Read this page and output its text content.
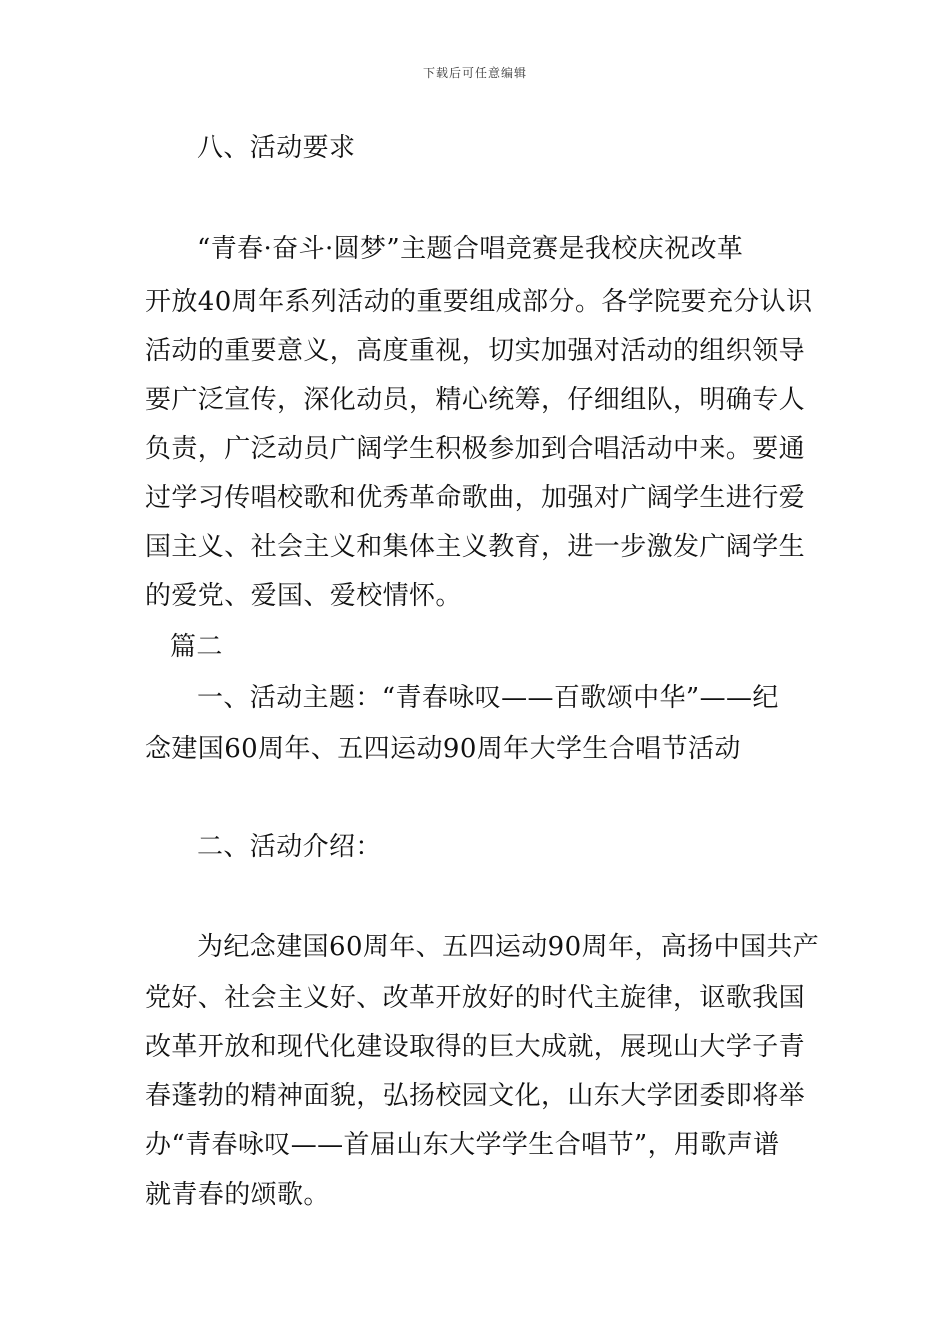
下载后可任意编辑
八、活动要求
“青春·奋斗·圆梦”主题合唱竞赛是我校庆祝改革
开放40周年系列活动的重要组成部分。各学院要充分认识
活动的重要意义，高度重视，切实加强对活动的组织领导
要广泛宣传，深化动员，精心统筹，仔细组队，明确专人
负责，广泛动员广阔学生积极参加到合唱活动中来。要通
过学习传唱校歌和优秀革命歌曲，加强对广阔学生进行爱
国主义、社会主义和集体主义教育，进一步激发广阔学生
的爱党、爱国、爱校情怀。
篇二
一、活动主题：“青春咏叹——百歌颂中华”——纪
念建国60周年、五四运动90周年大学生合唱节活动
二、活动介绍：
为纪念建国60周年、五四运动90周年，高扬中国共产
党好、社会主义好、改革开放好的时代主旋律，讴歌我国
改革开放和现代化建设取得的巨大成就，展现山大学子青
春蓬勃的精神面貌，弘扬校园文化，山东大学团委即将举
办“青春咏叹——首届山东大学学生合唱节”，用歌声谱
就青春的颂歌。
